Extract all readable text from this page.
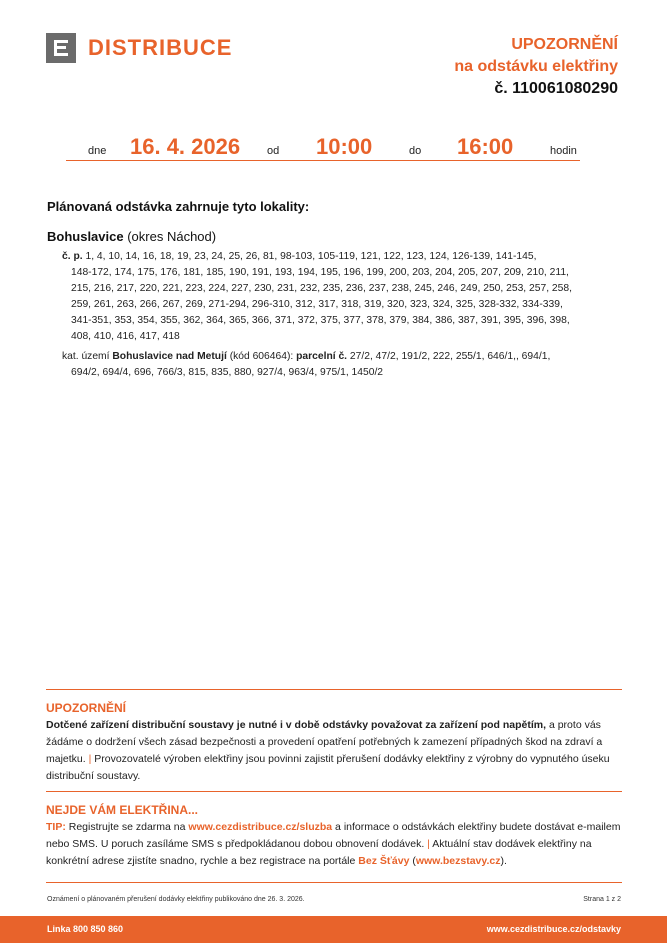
DISTRIBUCE	UPOZORNĚNÍ
na odstávku elektřiny
č. 110061080290
dne 16. 4. 2026 od 10:00	do 16:00	hodin
Plánovaná odstávka zahrnuje tyto lokality:
Bohuslavice (okres Náchod)
č. p. 1, 4, 10, 14, 16, 18, 19, 23, 24, 25, 26, 81, 98-103, 105-119, 121, 122, 123, 124, 126-139, 141-145,
148-172, 174, 175, 176, 181, 185, 190, 191, 193, 194, 195, 196, 199, 200, 203, 204, 205, 207, 209, 210, 211,
215, 216, 217, 220, 221, 223, 224, 227, 230, 231, 232, 235, 236, 237, 238, 245, 246, 249, 250, 253, 257, 258,
259, 261, 263, 266, 267, 269, 271-294, 296-310, 312, 317, 318, 319, 320, 323, 324, 325, 328-332, 334-339,
341-351, 353, 354, 355, 362, 364, 365, 366, 371, 372, 375, 377, 378, 379, 384, 386, 387, 391, 395, 396, 398,
408, 410, 416, 417, 418
kat. území Bohuslavice nad Metují (kód 606464): parcelní č. 27/2, 47/2, 191/2, 222, 255/1, 646/1,, 694/1,
694/2, 694/4, 696, 766/3, 815, 835, 880, 927/4, 963/4, 975/1, 1450/2
UPOZORNĚNÍ

Dotčené zařízení distribuční soustavy je nutné i v době odstávky považovat za zařízení pod napětím, a proto vás žádáme o dodržení všech zásad bezpečnosti a provedení opatření potřebných k zamezení případných škod na zdraví a majetku. | Provozovatelé výroben elektřiny jsou povinni zajistit přerušení dodávky elektřiny z výrobny do vypnutého úseku distribuční soustavy.

NEJDE VÁM ELEKTŘINA...

TIP: Registrujte se zdarma na www.cezdistribuce.cz/sluzba a informace o odstávkách elektřiny budete dostávat e-mailem nebo SMS. U poruch zasíláme SMS s předpokládanou dobou obnovení dodávek. | Aktuální stav dodávek elektřiny na konkrétní adrese zjistíte snadno, rychle a bez registrace na portále Bez Šťávy (www.bezstavy.cz).

Oznámení o plánovaném přerušení dodávky elektřiny publikováno dne 26. 3. 2026.	Strana 1 z 2
Linka 800 850 860	www.cezdistribuce.cz/odstavky
